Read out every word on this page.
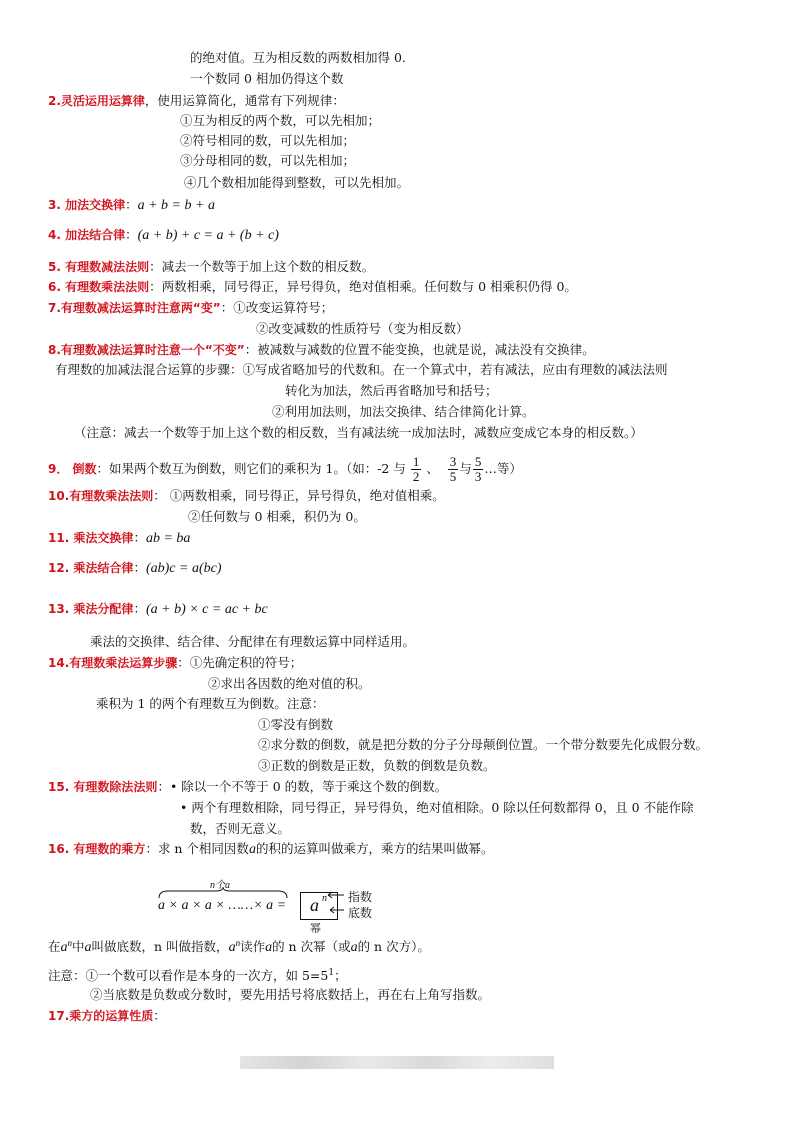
的绝对值。互为相反数的两数相加得 0.
一个数同 0 相加仍得这个数
2.灵活运用运算律，使用运算简化，通常有下列规律：
①互为相反的两个数，可以先相加；
②符号相同的数，可以先相加；
③分母相同的数，可以先相加；
④几个数相加能得到整数，可以先相加。
3. 加法交换律：a + b = b + a
4. 加法结合律：(a + b) + c = a + (b + c)
5. 有理数减法法则：减去一个数等于加上这个数的相反数。
6. 有理数乘法法则：两数相乘，同号得正，异号得负，绝对值相乘。任何数与 0 相乘积仍得 0。
7.有理数减法运算时注意两“变”：①改变运算符号；
②改变减数的性质符号（变为相反数）
8.有理数减法运算时注意一个“不变”：被减数与减数的位置不能变换，也就是说，减法没有交换律。
有理数的加减法混合运算的步骤：①写成省略加号的代数和。在一个算式中，若有减法，应由有理数的减法法则
转化为加法，然后再省略加号和括号；
②利用加法则，加法交换律、结合律简化计算。
（注意：减去一个数等于加上这个数的相反数，当有减法统一成加法时，减数应变成它本身的相反数。）
9． 倒数：如果两个数互为倒数，则它们的乘积为 1。（如：-2 与 $\frac{1}{2}$ 、 $\frac{3}{5}$ 与 $\frac{5}{3}$ …等）
10.有理数乘法法则： ①两数相乘，同号得正，异号得负，绝对值相乘。
②任何数与 0 相乘，积仍为 0。
11. 乘法交换律：ab = ba
12. 乘法结合律：(ab)c = a(bc)
13. 乘法分配律：(a + b) × c = ac + bc
乘法的交换律、结合律、分配律在有理数运算中同样适用。
14.有理数乘法运算步骤：①先确定积的符号；
②求出各因数的绝对值的积。
乘积为 1 的两个有理数互为倒数。注意：
①零没有倒数
②求分数的倒数，就是把分数的分子分母颠倒位置。一个带分数要先化成假分数。
③正数的倒数是正数，负数的倒数是负数。
15. 有理数除法法则：• 除以一个不等于 0 的数，等于乘这个数的倒数。
• 两个有理数相除，同号得正，异号得负，绝对值相除。0 除以任何数都得 0，且 0 不能作除
数，否则无意义。
16. 有理数的乘方：求 n 个相同因数a的积的运算叫做乘方，乘方的结果叫做幂。
n个a
a × a × a × ……× a = a n 指数
底数
幂
在$a^n$中a叫做底数，n 叫做指数，$a^n$读作a的 n 次幂（或a的 n 次方）。
注意：①一个数可以看作是本身的一次方，如 $5=5^1$；
②当底数是负数或分数时，要先用括号将底数括上，再在右上角写指数。
17.乘方的运算性质：
